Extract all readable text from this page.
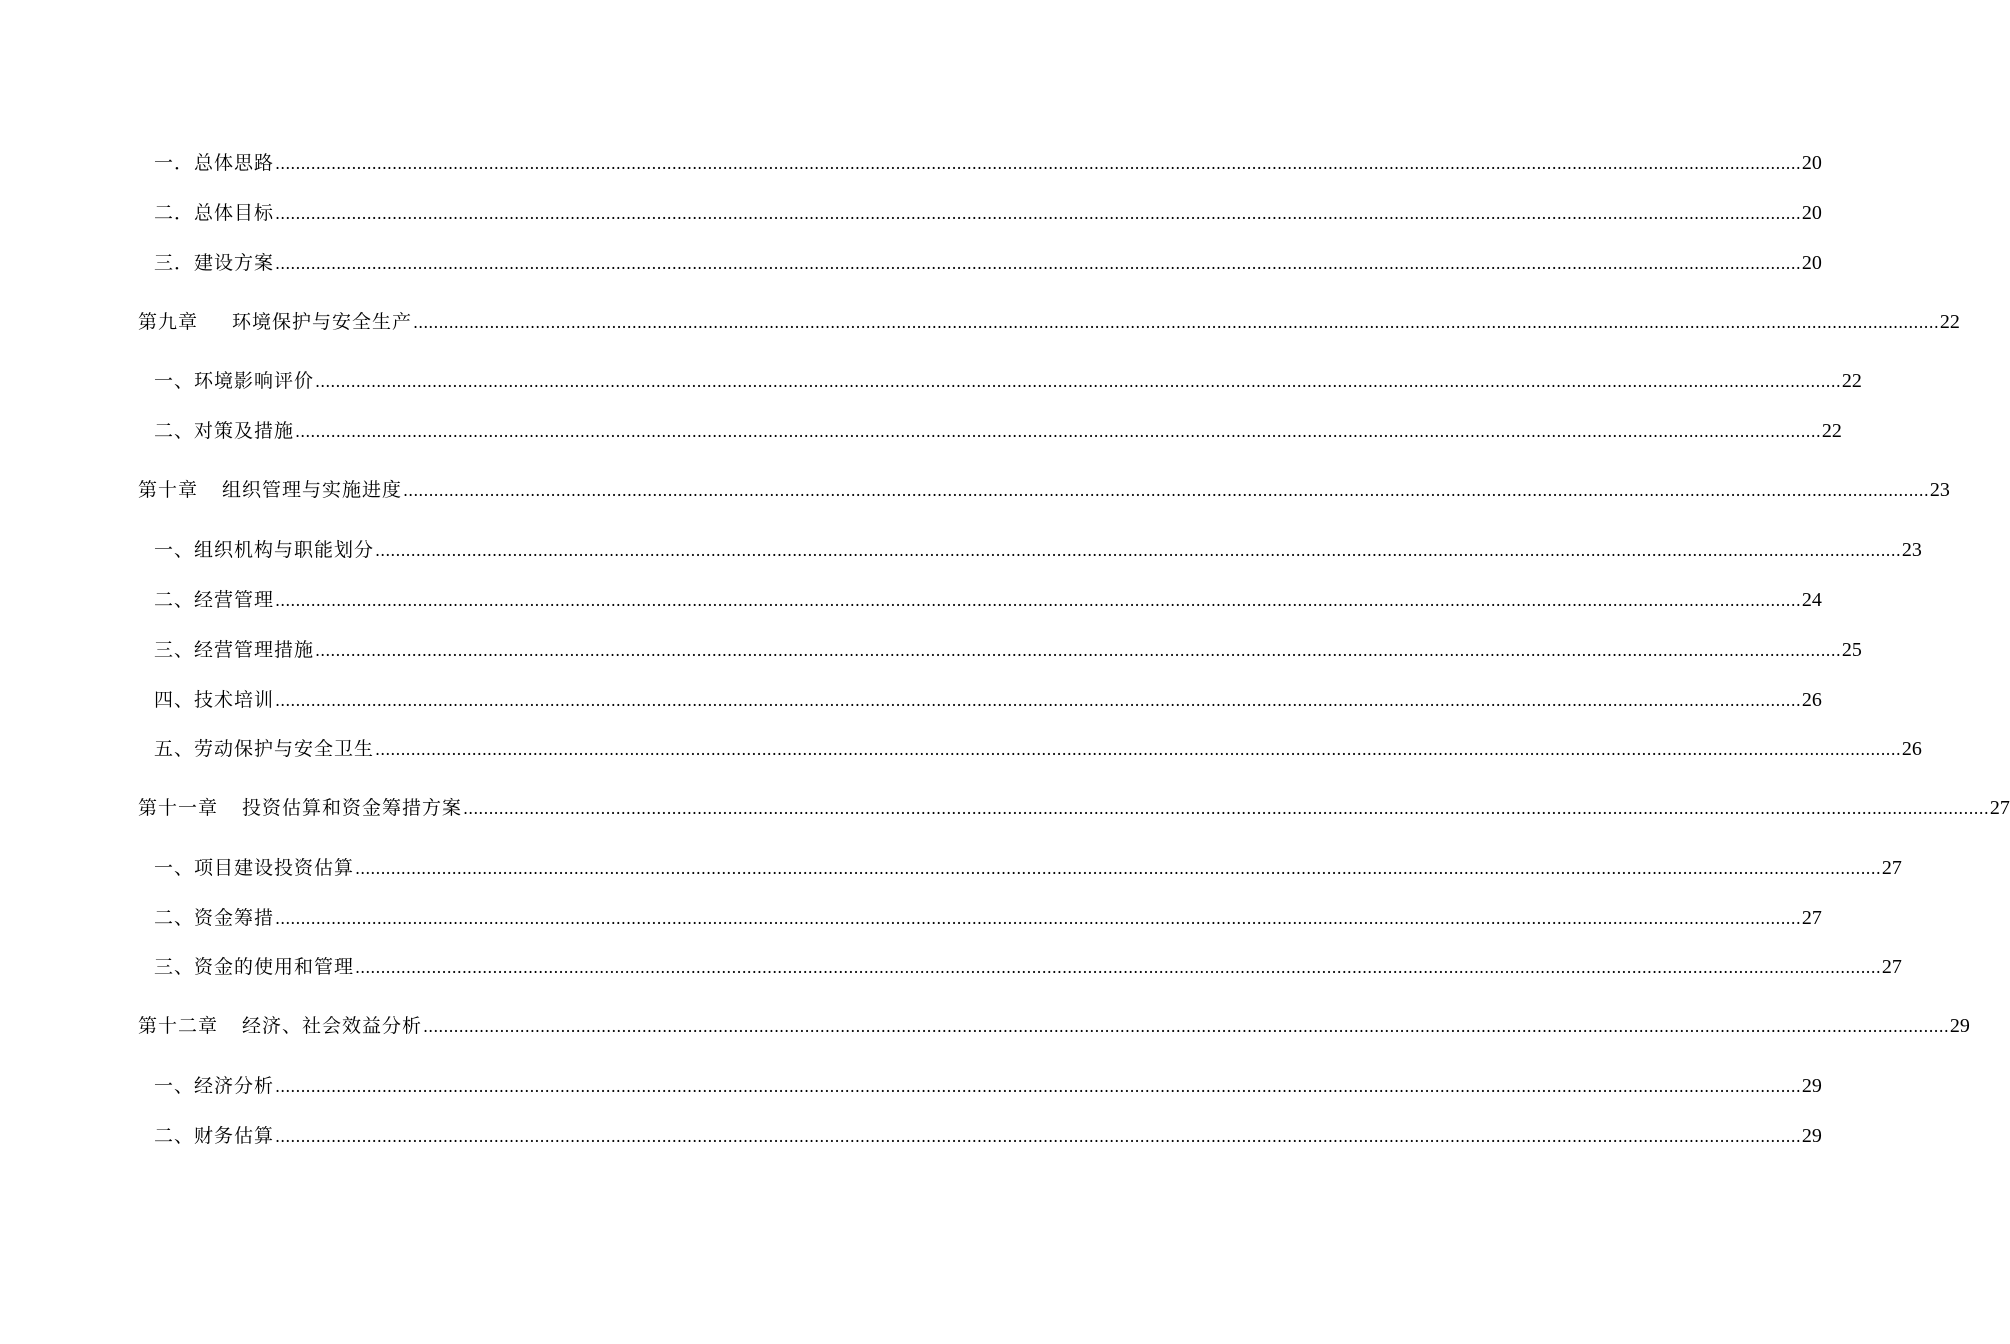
一．总体思路 ............................................................................................................................................................................................................................................................................................................ 20
二．总体目标 ............................................................................................................................................................................................................................................................................................................ 20
三．建设方案 ............................................................................................................................................................................................................................................................................................................ 20
第九章 环境保护与安全生产 ............................................................................................................................................................................................................................................................................................................ 22
一、环境影响评价 ............................................................................................................................................................................................................................................................................................................ 22
二、对策及措施 ............................................................................................................................................................................................................................................................................................................ 22
第十章 组织管理与实施进度 ............................................................................................................................................................................................................................................................................................................ 23
一、组织机构与职能划分 ............................................................................................................................................................................................................................................................................................................ 23
二、经营管理 ............................................................................................................................................................................................................................................................................................................ 24
三、经营管理措施 ............................................................................................................................................................................................................................................................................................................ 25
四、技术培训 ............................................................................................................................................................................................................................................................................................................ 26
五、劳动保护与安全卫生 ............................................................................................................................................................................................................................................................................................................ 26
第十一章 投资估算和资金筹措方案 ............................................................................................................................................................................................................................................................................................................ 27
一、项目建设投资估算 ............................................................................................................................................................................................................................................................................................................ 27
二、资金筹措 ............................................................................................................................................................................................................................................................................................................ 27
三、资金的使用和管理 ............................................................................................................................................................................................................................................................................................................ 27
第十二章 经济、社会效益分析 ............................................................................................................................................................................................................................................................................................................ 29
一、经济分析 ............................................................................................................................................................................................................................................................................................................ 29
二、财务估算 ............................................................................................................................................................................................................................................................................................................ 29
